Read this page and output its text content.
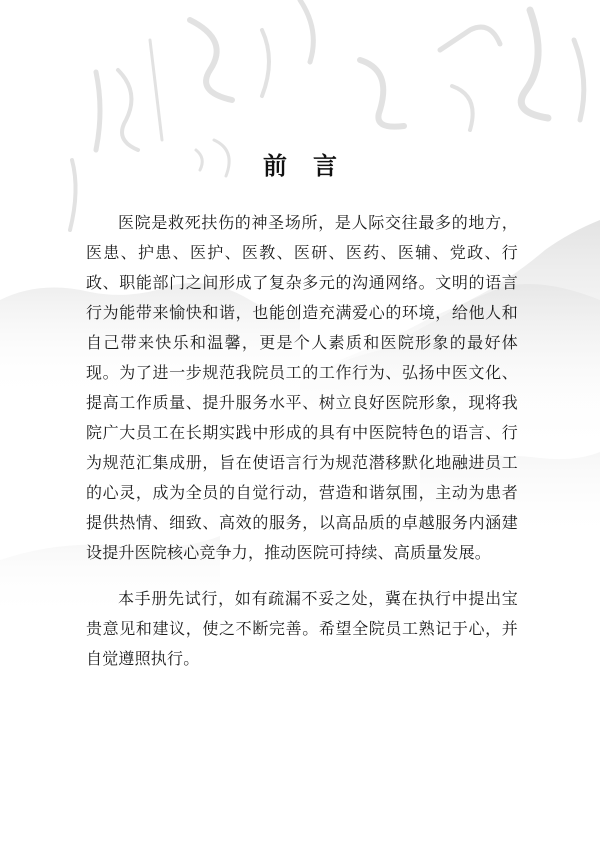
前言

医院是救死扶伤的神圣场所，是人际交往最多的地方，医患、护患、医护、医教、医研、医药、医辅、党政、行政、职能部门之间形成了复杂多元的沟通网络。文明的语言行为能带来愉快和谐，也能创造充满爱心的环境，给他人和自己带来快乐和温馨，更是个人素质和医院形象的最好体现。为了进一步规范我院员工的工作行为、弘扬中医文化、提高工作质量、提升服务水平、树立良好医院形象，现将我院广大员工在长期实践中形成的具有中医院特色的语言、行为规范汇集成册，旨在使语言行为规范潜移默化地融进员工的心灵，成为全员的自觉行动，营造和谐氛围，主动为患者提供热情、细致、高效的服务，以高品质的卓越服务内涵建设提升医院核心竞争力，推动医院可持续、高质量发展。

本手册先试行，如有疏漏不妥之处，冀在执行中提出宝贵意见和建议，使之不断完善。希望全院员工熟记于心，并自觉遵照执行。
